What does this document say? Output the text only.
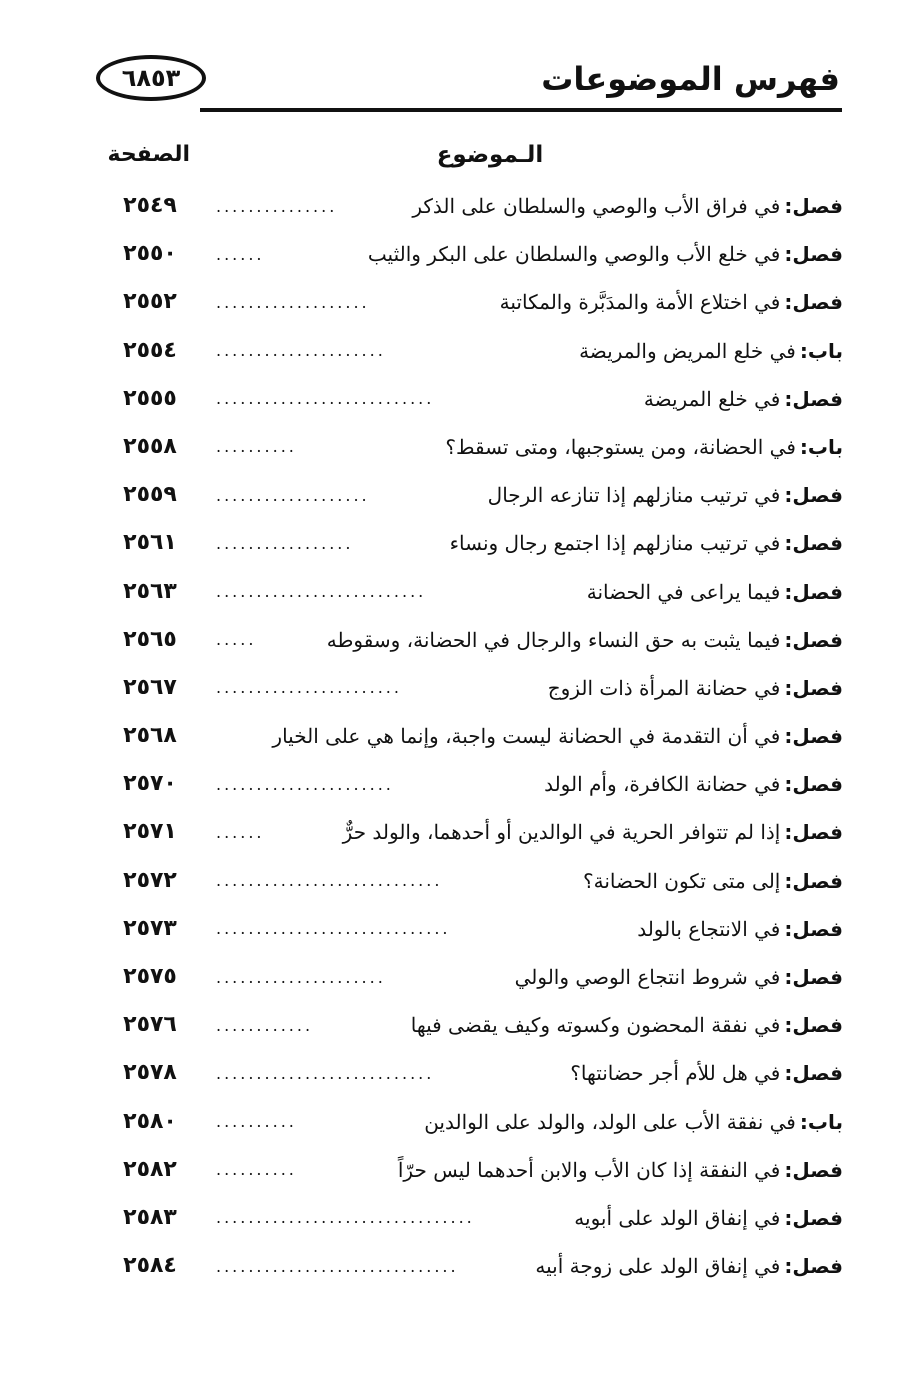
فهرس الموضوعات
٦٨٥٣
الـموضوع
الصفحة
فصل:
في فراق الأب والوصي والسلطان على الذكر
...............
٢٥٤٩
فصل:
في خلع الأب والوصي والسلطان على البكر والثيب
......
٢٥٥٠
فصل:
في اختلاع الأمة والمدَبَّرة والمكاتبة
...................
٢٥٥٢
باب:
في خلع المريض والمريضة
.....................
٢٥٥٤
فصل:
في خلع المريضة
...........................
٢٥٥٥
باب:
في الحضانة، ومن يستوجبها، ومتى تسقط؟
..........
٢٥٥٨
فصل:
في ترتيب منازلهم إذا تنازعه الرجال
...................
٢٥٥٩
فصل:
في ترتيب منازلهم إذا اجتمع رجال ونساء
.................
٢٥٦١
فصل:
فيما يراعى في الحضانة
..........................
٢٥٦٣
فصل:
فيما يثبت به حق النساء والرجال في الحضانة، وسقوطه
.....
٢٥٦٥
فصل:
في حضانة المرأة ذات الزوج
.......................
٢٥٦٧
فصل:
في أن التقدمة في الحضانة ليست واجبة، وإنما هي على الخيار
٢٥٦٨
فصل:
في حضانة الكافرة، وأم الولد
......................
٢٥٧٠
فصل:
إذا لم تتوافر الحرية في الوالدين أو أحدهما، والولد حرٌّ
......
٢٥٧١
فصل:
إلى متى تكون الحضانة؟
............................
٢٥٧٢
فصل:
في الانتجاع بالولد
.............................
٢٥٧٣
فصل:
في شروط انتجاع الوصي والولي
.....................
٢٥٧٥
فصل:
في نفقة المحضون وكسوته وكيف يقضى فيها
............
٢٥٧٦
فصل:
في هل للأم أجر حضانتها؟
...........................
٢٥٧٨
باب:
في نفقة الأب على الولد، والولد على الوالدين
..........
٢٥٨٠
فصل:
في النفقة إذا كان الأب والابن أحدهما ليس حرّاً
..........
٢٥٨٢
فصل:
في إنفاق الولد على أبويه
................................
٢٥٨٣
فصل:
في إنفاق الولد على زوجة أبيه
..............................
٢٥٨٤
